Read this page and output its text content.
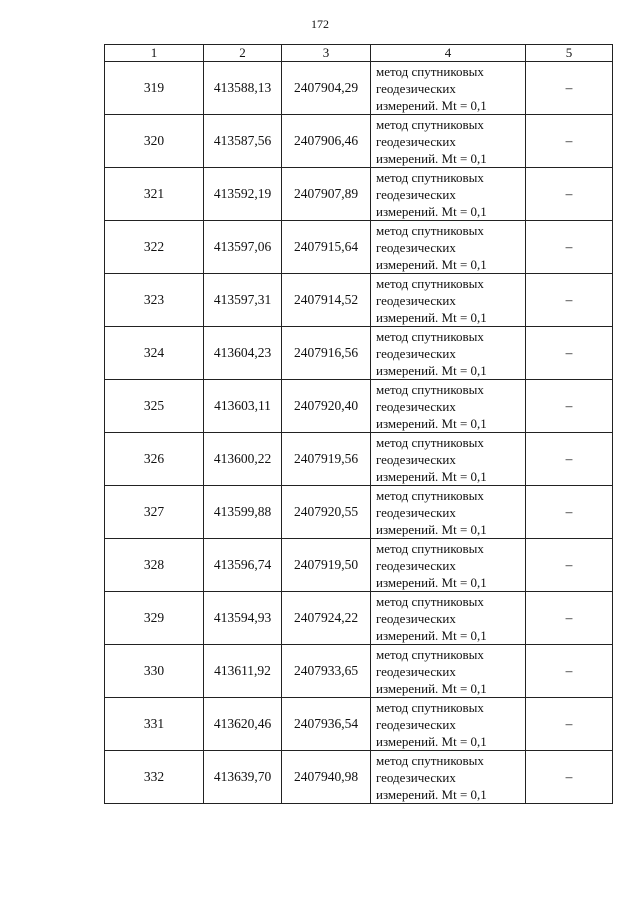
172
1	2	3	4	5
319	413588,13	2407904,29	метод спутниковых
геодезических
измерений. Mt = 0,1	–
320	413587,56	2407906,46	метод спутниковых
геодезических
измерений. Mt = 0,1	–
321	413592,19	2407907,89	метод спутниковых
геодезических
измерений. Mt = 0,1	–
322	413597,06	2407915,64	метод спутниковых
геодезических
измерений. Mt = 0,1	–
323	413597,31	2407914,52	метод спутниковых
геодезических
измерений. Mt = 0,1	–
324	413604,23	2407916,56	метод спутниковых
геодезических
измерений. Mt = 0,1	–
325	413603,11	2407920,40	метод спутниковых
геодезических
измерений. Mt = 0,1	–
326	413600,22	2407919,56	метод спутниковых
геодезических
измерений. Mt = 0,1	–
327	413599,88	2407920,55	метод спутниковых
геодезических
измерений. Mt = 0,1	–
328	413596,74	2407919,50	метод спутниковых
геодезических
измерений. Mt = 0,1	–
329	413594,93	2407924,22	метод спутниковых
геодезических
измерений. Mt = 0,1	–
330	413611,92	2407933,65	метод спутниковых
геодезических
измерений. Mt = 0,1	–
331	413620,46	2407936,54	метод спутниковых
геодезических
измерений. Mt = 0,1	–
332	413639,70	2407940,98	метод спутниковых
геодезических
измерений. Mt = 0,1	–
